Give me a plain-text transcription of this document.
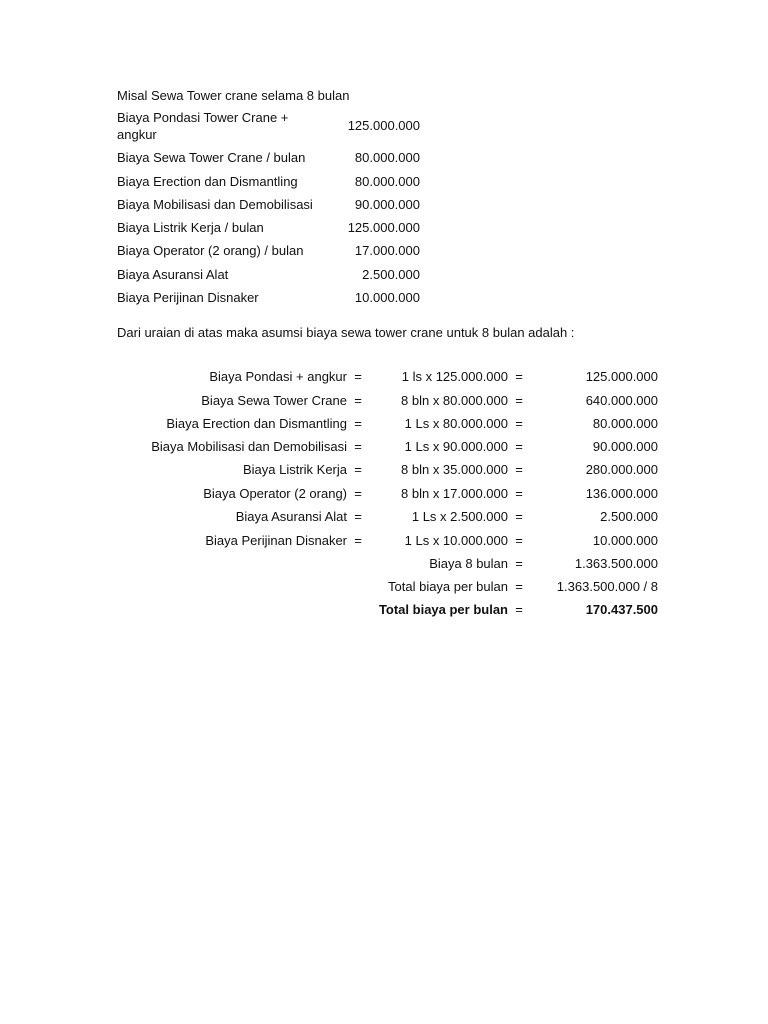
Misal Sewa Tower crane selama 8 bulan
Biaya Pondasi Tower Crane +
angkur
125.000.000
Biaya Sewa Tower Crane / bulan	80.000.000
Biaya Erection dan Dismantling	80.000.000
Biaya Mobilisasi dan Demobilisasi	90.000.000
Biaya Listrik Kerja / bulan	125.000.000
Biaya Operator (2 orang) / bulan	17.000.000
Biaya Asuransi Alat	2.500.000
Biaya Perijinan Disnaker	10.000.000
Dari uraian di atas maka asumsi biaya sewa tower crane untuk 8 bulan adalah :
Biaya Pondasi + angkur =	1 ls x 125.000.000 =	125.000.000
Biaya Sewa Tower Crane =	8 bln x 80.000.000 =	640.000.000
Biaya Erection dan Dismantling =	1 Ls x 80.000.000 =	80.000.000
Biaya Mobilisasi dan Demobilisasi =	1 Ls x 90.000.000 =	90.000.000
Biaya Listrik Kerja =	8 bln x 35.000.000 =	280.000.000
Biaya Operator (2 orang) =	8 bln x 17.000.000 =	136.000.000
Biaya Asuransi Alat =	1 Ls x 2.500.000 =	2.500.000
Biaya Perijinan Disnaker =	1 Ls x 10.000.000 =	10.000.000
Biaya 8 bulan =	1.363.500.000
Total biaya per bulan =	1.363.500.000 / 8
Total biaya per bulan =	170.437.500
